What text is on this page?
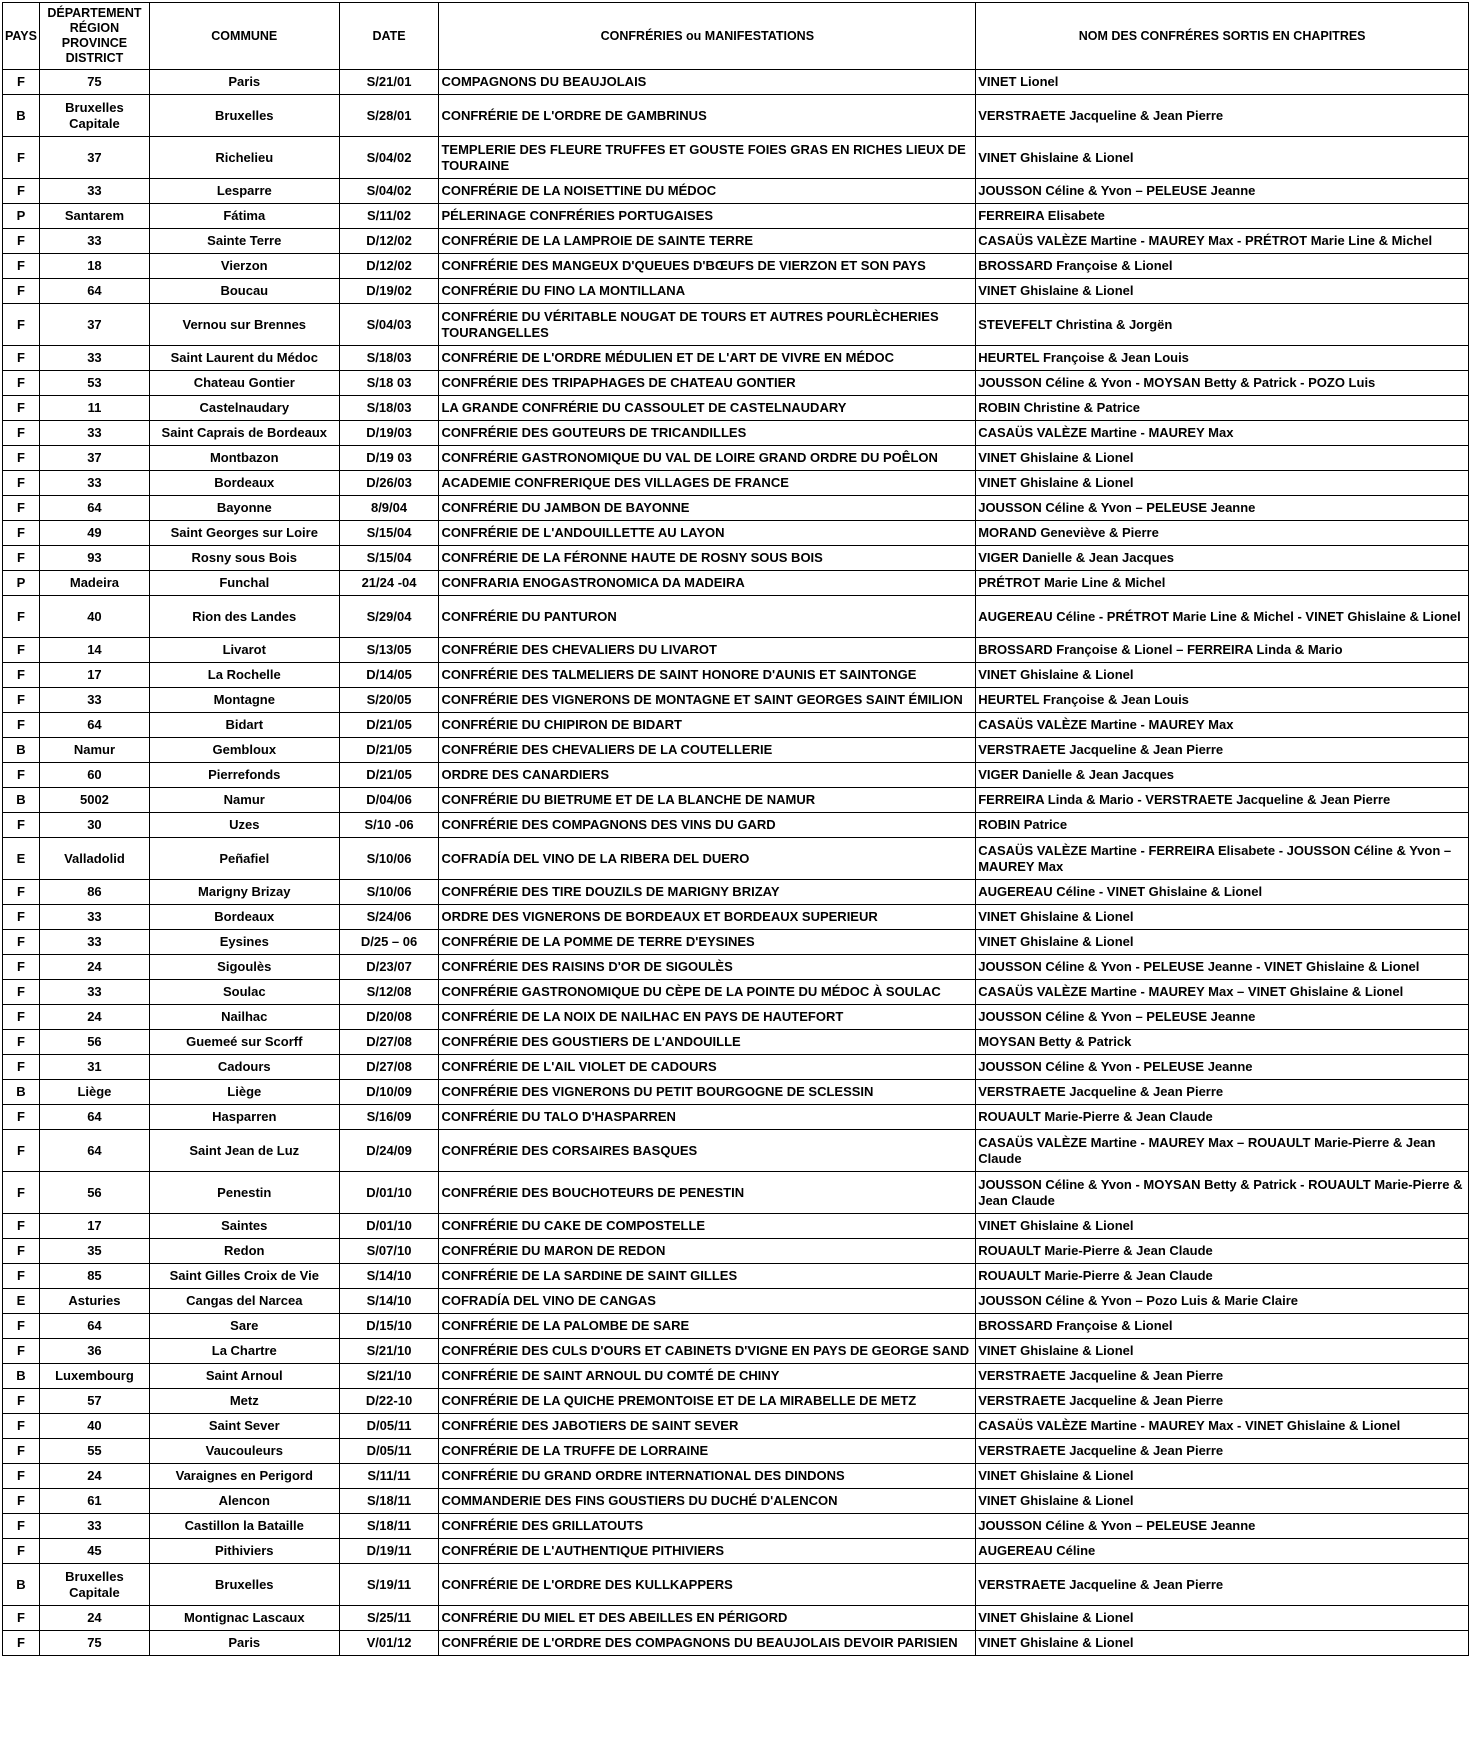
PAYS	DÉPARTEMENT RÉGION PROVINCE DISTRICT	COMMUNE	DATE	CONFRÉRIES ou MANIFESTATIONS	NOM DES CONFRÉRES SORTIS EN CHAPITRES
F	75	Paris	S/21/01	COMPAGNONS DU BEAUJOLAIS	VINET Lionel
B	Bruxelles Capitale	Bruxelles	S/28/01	CONFRÉRIE DE L'ORDRE DE GAMBRINUS	VERSTRAETE Jacqueline & Jean Pierre
F	37	Richelieu	S/04/02	TEMPLERIE DES FLEURE TRUFFES ET GOUSTE FOIES GRAS EN RICHES LIEUX DE TOURAINE	VINET Ghislaine & Lionel
F	33	Lesparre	S/04/02	CONFRÉRIE DE LA NOISETTINE DU MÉDOC	JOUSSON Céline & Yvon – PELEUSE Jeanne
P	Santarem	Fátima	S/11/02	PÉLERINAGE CONFRÉRIES PORTUGAISES	FERREIRA Elisabete
F	33	Sainte Terre	D/12/02	CONFRÉRIE DE LA LAMPROIE DE SAINTE TERRE	CASAÜS VALÈZE Martine - MAUREY Max - PRÉTROT Marie Line & Michel
F	18	Vierzon	D/12/02	CONFRÉRIE DES MANGEUX D'QUEUES D'BŒUFS DE VIERZON ET SON PAYS	BROSSARD Françoise & Lionel
F	64	Boucau	D/19/02	CONFRÉRIE DU FINO LA MONTILLANA	VINET Ghislaine & Lionel
F	37	Vernou sur Brennes	S/04/03	CONFRÉRIE DU VÉRITABLE NOUGAT DE TOURS ET AUTRES POURLÈCHERIES TOURANGELLES	STEVEFELT Christina & Jorgën
F	33	Saint Laurent du Médoc	S/18/03	CONFRÉRIE DE L'ORDRE MÉDULIEN ET DE L'ART DE VIVRE EN MÉDOC	HEURTEL Françoise & Jean Louis
F	53	Chateau Gontier	S/18 03	CONFRÉRIE DES TRIPAPHAGES DE CHATEAU GONTIER	JOUSSON Céline & Yvon - MOYSAN Betty & Patrick - POZO Luis
F	11	Castelnaudary	S/18/03	LA GRANDE CONFRÉRIE DU CASSOULET DE CASTELNAUDARY	ROBIN Christine & Patrice
F	33	Saint Caprais de Bordeaux	D/19/03	CONFRÉRIE DES GOUTEURS DE TRICANDILLES	CASAÜS VALÈZE Martine - MAUREY Max
F	37	Montbazon	D/19 03	CONFRÉRIE GASTRONOMIQUE DU VAL DE LOIRE GRAND ORDRE DU POÊLON	VINET Ghislaine & Lionel
F	33	Bordeaux	D/26/03	ACADEMIE CONFRERIQUE DES VILLAGES DE FRANCE	VINET Ghislaine & Lionel
F	64	Bayonne	8/9/04	CONFRÉRIE DU JAMBON DE BAYONNE	JOUSSON Céline & Yvon – PELEUSE Jeanne
F	49	Saint Georges sur Loire	S/15/04	CONFRÉRIE DE L'ANDOUILLETTE AU LAYON	MORAND Geneviève & Pierre
F	93	Rosny sous Bois	S/15/04	CONFRÉRIE DE LA FÉRONNE HAUTE DE ROSNY SOUS BOIS	VIGER Danielle & Jean Jacques
P	Madeira	Funchal	21/24 -04	CONFRARIA ENOGASTRONOMICA DA MADEIRA	PRÉTROT Marie Line & Michel
F	40	Rion des Landes	S/29/04	CONFRÉRIE DU PANTURON	AUGEREAU Céline - PRÉTROT Marie Line & Michel - VINET Ghislaine & Lionel
F	14	Livarot	S/13/05	CONFRÉRIE DES CHEVALIERS DU LIVAROT	BROSSARD Françoise & Lionel – FERREIRA Linda & Mario
F	17	La Rochelle	D/14/05	CONFRÉRIE DES TALMELIERS DE SAINT HONORE D'AUNIS ET SAINTONGE	VINET Ghislaine & Lionel
F	33	Montagne	S/20/05	CONFRÉRIE DES VIGNERONS DE MONTAGNE ET SAINT GEORGES SAINT ÉMILION	HEURTEL Françoise & Jean Louis
F	64	Bidart	D/21/05	CONFRÉRIE DU CHIPIRON DE BIDART	CASAÜS VALÈZE Martine - MAUREY Max
B	Namur	Gembloux	D/21/05	CONFRÉRIE DES CHEVALIERS DE LA COUTELLERIE	VERSTRAETE Jacqueline & Jean Pierre
F	60	Pierrefonds	D/21/05	ORDRE DES CANARDIERS	VIGER Danielle & Jean Jacques
B	5002	Namur	D/04/06	CONFRÉRIE DU BIETRUME ET DE LA BLANCHE DE NAMUR	FERREIRA Linda & Mario - VERSTRAETE Jacqueline & Jean Pierre
F	30	Uzes	S/10 -06	CONFRÉRIE DES COMPAGNONS DES VINS DU GARD	ROBIN Patrice
E	Valladolid	Peñafiel	S/10/06	COFRADÍA DEL VINO DE LA RIBERA DEL DUERO	CASAÜS VALÈZE Martine - FERREIRA Elisabete - JOUSSON Céline & Yvon – MAUREY Max
F	86	Marigny Brizay	S/10/06	CONFRÉRIE DES TIRE DOUZILS DE MARIGNY BRIZAY	AUGEREAU Céline - VINET Ghislaine & Lionel
F	33	Bordeaux	S/24/06	ORDRE DES VIGNERONS DE BORDEAUX ET BORDEAUX SUPERIEUR	VINET Ghislaine & Lionel
F	33	Eysines	D/25 – 06	CONFRÉRIE DE LA POMME DE TERRE D'EYSINES	VINET Ghislaine & Lionel
F	24	Sigoulès	D/23/07	CONFRÉRIE DES RAISINS D'OR DE SIGOULÈS	JOUSSON Céline & Yvon - PELEUSE Jeanne - VINET Ghislaine & Lionel
F	33	Soulac	S/12/08	CONFRÉRIE GASTRONOMIQUE DU CÈPE DE LA POINTE DU MÉDOC À SOULAC	CASAÜS VALÈZE Martine - MAUREY Max – VINET Ghislaine & Lionel
F	24	Nailhac	D/20/08	CONFRÉRIE DE LA NOIX DE NAILHAC EN PAYS DE HAUTEFORT	JOUSSON Céline & Yvon – PELEUSE Jeanne
F	56	Guemeé sur Scorff	D/27/08	CONFRÉRIE DES GOUSTIERS DE L'ANDOUILLE	MOYSAN Betty & Patrick
F	31	Cadours	D/27/08	CONFRÉRIE DE L'AIL VIOLET DE CADOURS	JOUSSON Céline & Yvon - PELEUSE Jeanne
B	Liège	Liège	D/10/09	CONFRÉRIE DES VIGNERONS DU PETIT BOURGOGNE DE SCLESSIN	VERSTRAETE Jacqueline & Jean Pierre
F	64	Hasparren	S/16/09	CONFRÉRIE DU TALO D'HASPARREN	ROUAULT Marie-Pierre & Jean Claude
F	64	Saint Jean de Luz	D/24/09	CONFRÉRIE DES CORSAIRES BASQUES	CASAÜS VALÈZE Martine - MAUREY Max – ROUAULT Marie-Pierre & Jean Claude
F	56	Penestin	D/01/10	CONFRÉRIE DES BOUCHOTEURS DE PENESTIN	JOUSSON Céline & Yvon - MOYSAN Betty & Patrick - ROUAULT Marie-Pierre & Jean Claude
F	17	Saintes	D/01/10	CONFRÉRIE DU CAKE DE COMPOSTELLE	VINET Ghislaine & Lionel
F	35	Redon	S/07/10	CONFRÉRIE DU MARON DE REDON	ROUAULT Marie-Pierre & Jean Claude
F	85	Saint Gilles Croix de Vie	S/14/10	CONFRÉRIE DE LA SARDINE DE SAINT GILLES	ROUAULT Marie-Pierre & Jean Claude
E	Asturies	Cangas del Narcea	S/14/10	COFRADÍA DEL VINO DE CANGAS	JOUSSON Céline & Yvon – Pozo Luis & Marie Claire
F	64	Sare	D/15/10	CONFRÉRIE DE LA PALOMBE DE SARE	BROSSARD Françoise & Lionel
F	36	La Chartre	S/21/10	CONFRÉRIE DES CULS D'OURS ET CABINETS D'VIGNE EN PAYS DE GEORGE SAND	VINET Ghislaine & Lionel
B	Luxembourg	Saint Arnoul	S/21/10	CONFRÉRIE DE SAINT ARNOUL DU COMTÉ DE CHINY	VERSTRAETE Jacqueline & Jean Pierre
F	57	Metz	D/22-10	CONFRÉRIE DE LA QUICHE PREMONTOISE ET DE LA MIRABELLE DE METZ	VERSTRAETE Jacqueline & Jean Pierre
F	40	Saint Sever	D/05/11	CONFRÉRIE DES JABOTIERS DE SAINT SEVER	CASAÜS VALÈZE Martine - MAUREY Max - VINET Ghislaine & Lionel
F	55	Vaucouleurs	D/05/11	CONFRÉRIE DE LA TRUFFE DE LORRAINE	VERSTRAETE Jacqueline & Jean Pierre
F	24	Varaignes en Perigord	S/11/11	CONFRÉRIE DU GRAND ORDRE INTERNATIONAL DES DINDONS	VINET Ghislaine & Lionel
F	61	Alencon	S/18/11	COMMANDERIE DES FINS GOUSTIERS DU DUCHÉ D'ALENCON	VINET Ghislaine & Lionel
F	33	Castillon la Bataille	S/18/11	CONFRÉRIE DES GRILLATOUTS	JOUSSON Céline & Yvon – PELEUSE Jeanne
F	45	Pithiviers	D/19/11	CONFRÉRIE DE L'AUTHENTIQUE PITHIVIERS	AUGEREAU Céline
B	Bruxelles Capitale	Bruxelles	S/19/11	CONFRÉRIE DE L'ORDRE DES KULLKAPPERS	VERSTRAETE Jacqueline & Jean Pierre
F	24	Montignac Lascaux	S/25/11	CONFRÉRIE DU MIEL ET DES ABEILLES EN PÉRIGORD	VINET Ghislaine & Lionel
F	75	Paris	V/01/12	CONFRÉRIE DE L'ORDRE DES COMPAGNONS DU BEAUJOLAIS DEVOIR PARISIEN	VINET Ghislaine & Lionel
